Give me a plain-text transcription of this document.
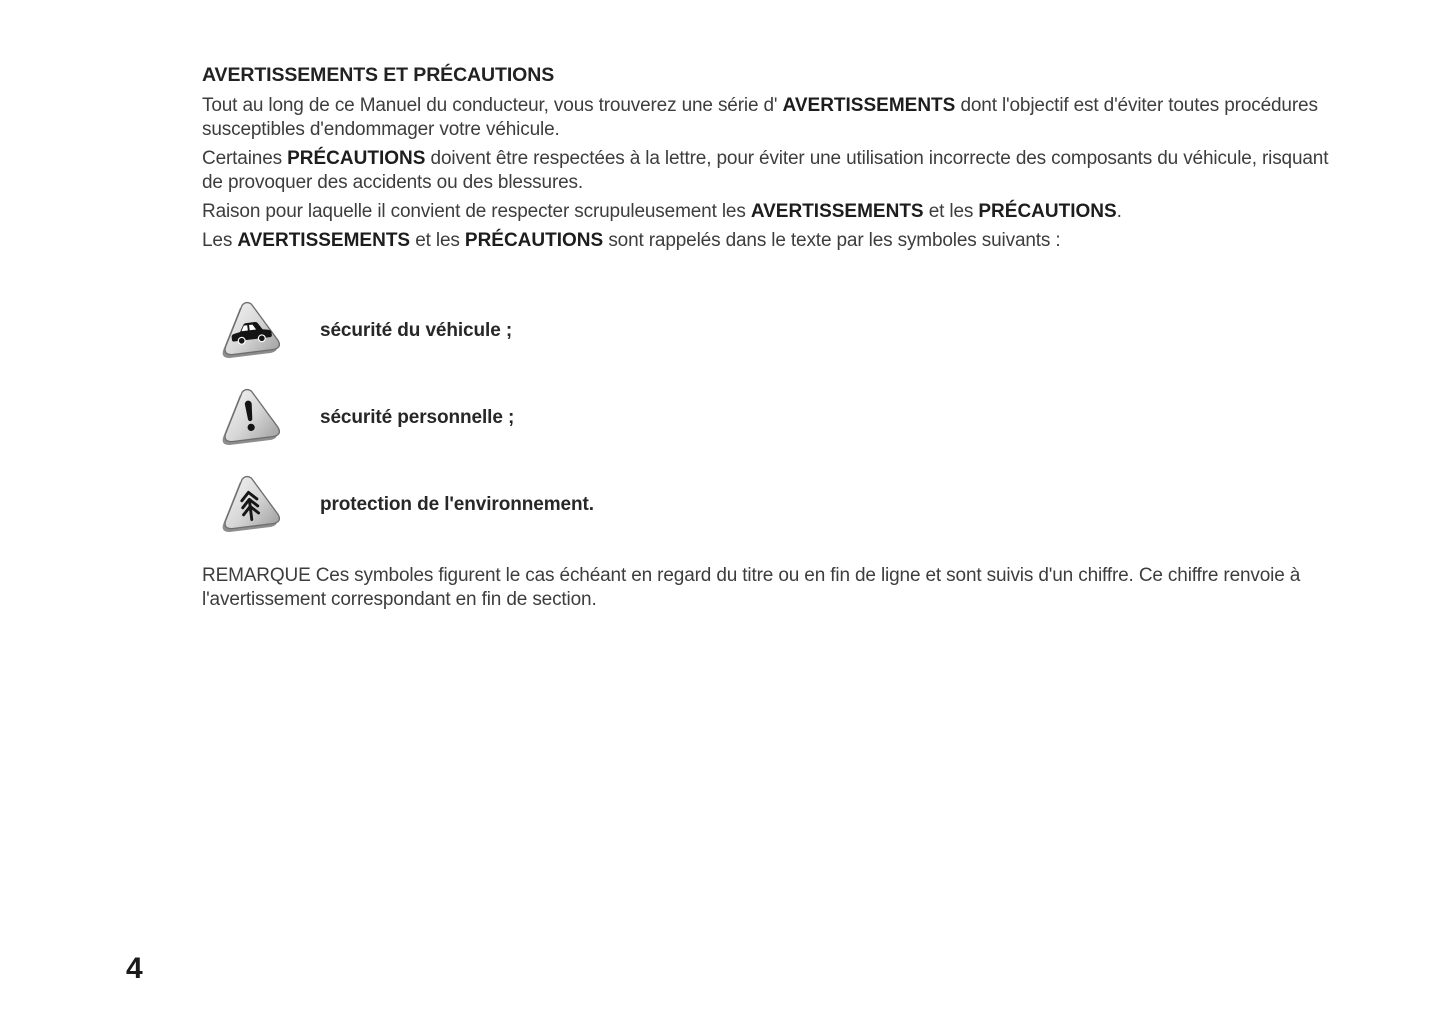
AVERTISSEMENTS ET PRÉCAUTIONS

Tout au long de ce Manuel du conducteur, vous trouverez une série d' AVERTISSEMENTS dont l'objectif est d'éviter toutes procédures susceptibles d'endommager votre véhicule.

Certaines PRÉCAUTIONS doivent être respectées à la lettre, pour éviter une utilisation incorrecte des composants du véhicule, risquant de provoquer des accidents ou des blessures.

Raison pour laquelle il convient de respecter scrupuleusement les AVERTISSEMENTS et les PRÉCAUTIONS.

Les AVERTISSEMENTS et les PRÉCAUTIONS sont rappelés dans le texte par les symboles suivants :

sécurité du véhicule ;
sécurité personnelle ;
protection de l'environnement.

REMARQUE Ces symboles figurent le cas échéant en regard du titre ou en fin de ligne et sont suivis d'un chiffre. Ce chiffre renvoie à l'avertissement correspondant en fin de section.

4
